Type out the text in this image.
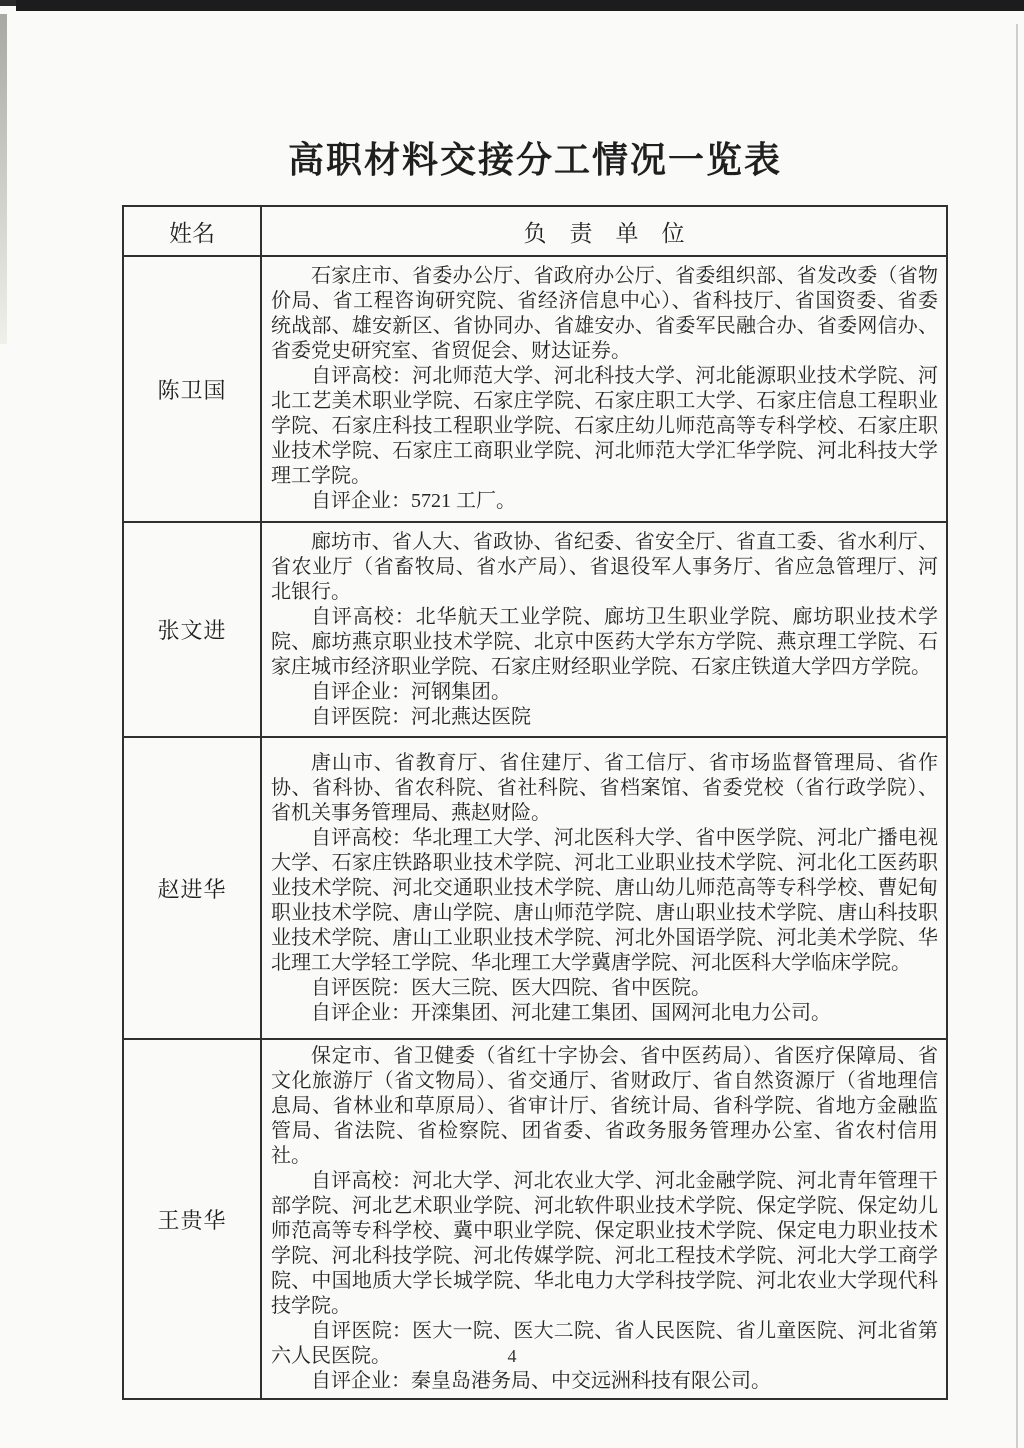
高职材料交接分工情况一览表
姓名	负　责　单　位
陈卫国	石家庄市、省委办公厅、省政府办公厅、省委组织部、省发改委（省物价局、省工程咨询研究院、省经济信息中心）、省科技厅、省国资委、省委统战部、雄安新区、省协同办、省雄安办、省委军民融合办、省委网信办、省委党史研究室、省贸促会、财达证券。

自评高校：河北师范大学、河北科技大学、河北能源职业技术学院、河北工艺美术职业学院、石家庄学院、石家庄职工大学、石家庄信息工程职业学院、石家庄科技工程职业学院、石家庄幼儿师范高等专科学校、石家庄职业技术学院、石家庄工商职业学院、河北师范大学汇华学院、河北科技大学理工学院。

自评企业：5721 工厂。

张文进	廊坊市、省人大、省政协、省纪委、省安全厅、省直工委、省水利厅、省农业厅（省畜牧局、省水产局）、省退役军人事务厅、省应急管理厅、河北银行。

自评高校：北华航天工业学院、廊坊卫生职业学院、廊坊职业技术学院、廊坊燕京职业技术学院、北京中医药大学东方学院、燕京理工学院、石家庄城市经济职业学院、石家庄财经职业学院、石家庄铁道大学四方学院。

自评企业：河钢集团。

自评医院：河北燕达医院

赵进华	唐山市、省教育厅、省住建厅、省工信厅、省市场监督管理局、省作协、省科协、省农科院、省社科院、省档案馆、省委党校（省行政学院）、省机关事务管理局、燕赵财险。

自评高校：华北理工大学、河北医科大学、省中医学院、河北广播电视大学、石家庄铁路职业技术学院、河北工业职业技术学院、河北化工医药职业技术学院、河北交通职业技术学院、唐山幼儿师范高等专科学校、曹妃甸职业技术学院、唐山学院、唐山师范学院、唐山职业技术学院、唐山科技职业技术学院、唐山工业职业技术学院、河北外国语学院、河北美术学院、华北理工大学轻工学院、华北理工大学冀唐学院、河北医科大学临床学院。

自评医院：医大三院、医大四院、省中医院。

自评企业：开滦集团、河北建工集团、国网河北电力公司。

王贵华	保定市、省卫健委（省红十字协会、省中医药局）、省医疗保障局、省文化旅游厅（省文物局）、省交通厅、省财政厅、省自然资源厅（省地理信息局、省林业和草原局）、省审计厅、省统计局、省科学院、省地方金融监管局、省法院、省检察院、团省委、省政务服务管理办公室、省农村信用社。

自评高校：河北大学、河北农业大学、河北金融学院、河北青年管理干部学院、河北艺术职业学院、河北软件职业技术学院、保定学院、保定幼儿师范高等专科学校、冀中职业学院、保定职业技术学院、保定电力职业技术学院、河北科技学院、河北传媒学院、河北工程技术学院、河北大学工商学院、中国地质大学长城学院、华北电力大学科技学院、河北农业大学现代科技学院。

自评医院：医大一院、医大二院、省人民医院、省儿童医院、河北省第六人民医院。

自评企业：秦皇岛港务局、中交远洲科技有限公司。

4
